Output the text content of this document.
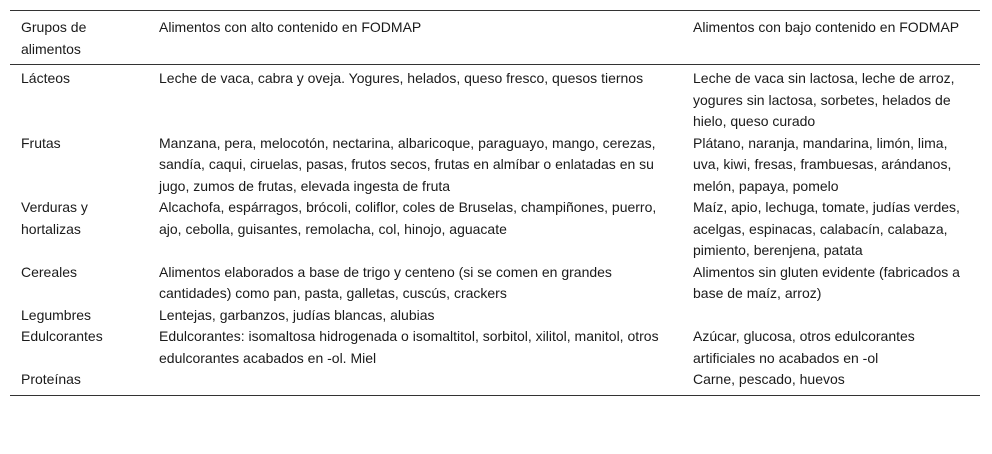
Grupos de alimentos	Alimentos con alto contenido en FODMAP	Alimentos con bajo contenido en FODMAP
Lácteos	Leche de vaca, cabra y oveja. Yogures, helados, queso fresco, quesos tiernos	Leche de vaca sin lactosa, leche de arroz, yogures sin lactosa, sorbetes, helados de hielo, queso curado
Frutas	Manzana, pera, melocotón, nectarina, albaricoque, paraguayo, mango, cerezas, sandía, caqui, ciruelas, pasas, frutos secos, frutas en almíbar o enlatadas en su jugo, zumos de frutas, elevada ingesta de fruta	Plátano, naranja, mandarina, limón, lima, uva, kiwi, fresas, frambuesas, arándanos, melón, papaya, pomelo
Verduras y hortalizas	Alcachofa, espárragos, brócoli, coliflor, coles de Bruselas, champiñones, puerro, ajo, cebolla, guisantes, remolacha, col, hinojo, aguacate	Maíz, apio, lechuga, tomate, judías verdes, acelgas, espinacas, calabacín, calabaza, pimiento, berenjena, patata
Cereales	Alimentos elaborados a base de trigo y centeno (si se comen en grandes cantidades) como pan, pasta, galletas, cuscús, crackers	Alimentos sin gluten evidente (fabricados a base de maíz, arroz)
Legumbres	Lentejas, garbanzos, judías blancas, alubias	
Edulcorantes	Edulcorantes: isomaltosa hidrogenada o isomaltitol, sorbitol, xilitol, manitol, otros edulcorantes acabados en -ol. Miel	Azúcar, glucosa, otros edulcorantes artificiales no acabados en -ol
Proteínas		Carne, pescado, huevos
